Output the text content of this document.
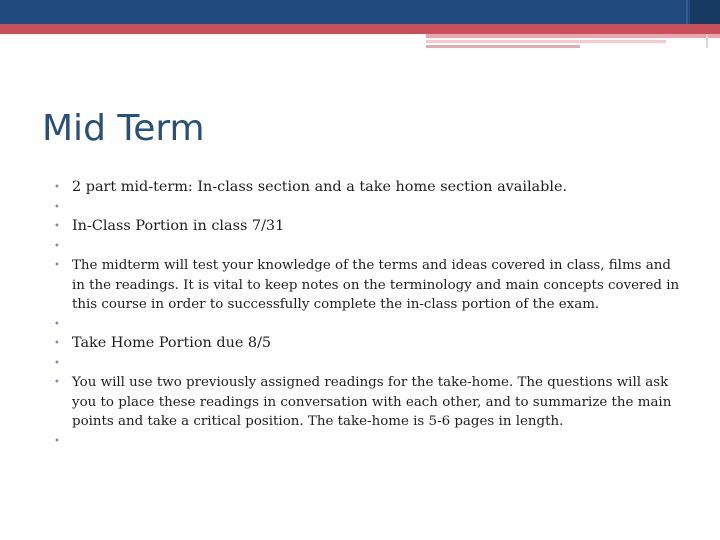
Mid Term
• 2 part mid-term: In-class section and a take home section available.
•
• In-Class Portion in class 7/31
•
• The midterm will test your knowledge of the terms and ideas covered in class, films and in the readings. It is vital to keep notes on the terminology and main concepts covered in this course in order to successfully complete the in-class portion of the exam.
•
• Take Home Portion due 8/5
•
• You will use two previously assigned readings for the take-home. The questions will ask you to place these readings in conversation with each other, and to summarize the main points and take a critical position. The take-home is 5-6 pages in length.
•
